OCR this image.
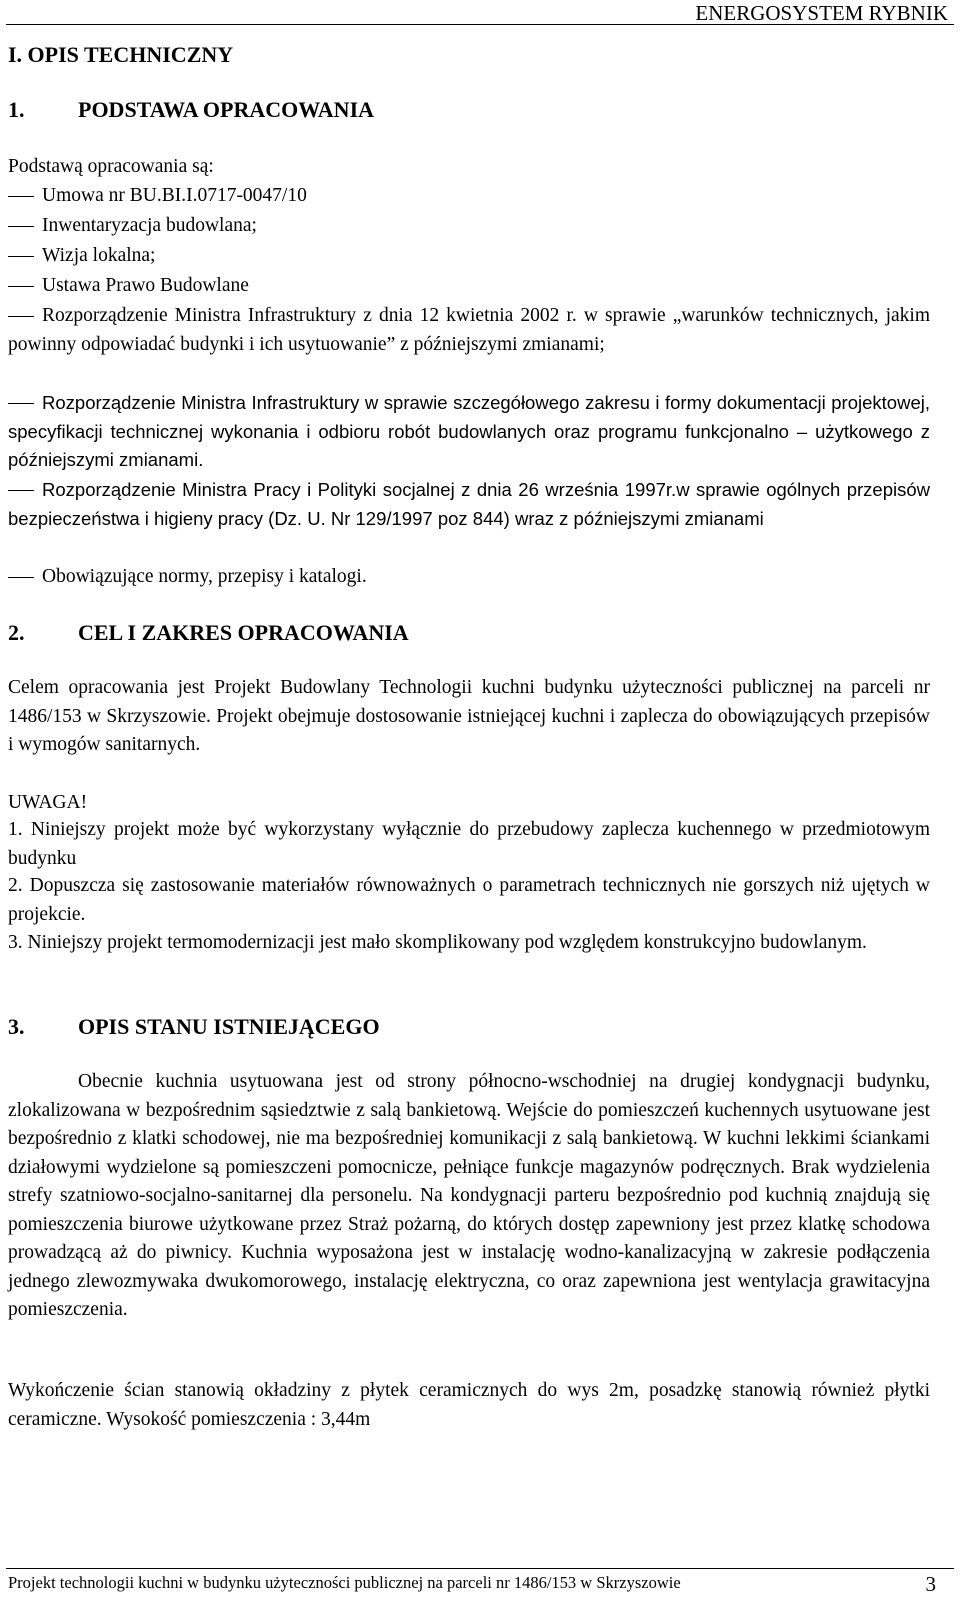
ENERGOSYSTEM RYBNIK
I. OPIS TECHNICZNY
1. PODSTAWA OPRACOWANIA
Podstawą opracowania są:
Umowa nr BU.BI.I.0717-0047/10
Inwentaryzacja budowlana;
Wizja lokalna;
Ustawa Prawo Budowlane
Rozporządzenie Ministra Infrastruktury z dnia 12 kwietnia 2002 r. w sprawie „warunków technicznych, jakim powinny odpowiadać budynki i ich usytuowanie” z późniejszymi zmianami;
Rozporządzenie Ministra Infrastruktury w sprawie szczegółowego zakresu i formy dokumentacji projektowej, specyfikacji technicznej wykonania i odbioru robót budowlanych oraz programu funkcjonalno – użytkowego z późniejszymi zmianami.
Rozporządzenie Ministra Pracy i Polityki socjalnej z dnia 26 września 1997r.w sprawie ogólnych przepisów bezpieczeństwa i higieny pracy (Dz. U. Nr 129/1997 poz 844) wraz z późniejszymi zmianami
Obowiązujące normy, przepisy i katalogi.
2. CEL I ZAKRES OPRACOWANIA

Celem opracowania jest Projekt Budowlany Technologii kuchni budynku użyteczności publicznej na parceli nr 1486/153 w Skrzyszowie. Projekt obejmuje dostosowanie istniejącej kuchni i zaplecza do obowiązujących przepisów i wymogów sanitarnych.

UWAGA!

1. Niniejszy projekt może być wykorzystany wyłącznie do przebudowy zaplecza kuchennego w przedmiotowym budynku

2. Dopuszcza się zastosowanie materiałów równoważnych o parametrach technicznych nie gorszych niż ujętych w projekcie.

3. Niniejszy projekt termomodernizacji jest mało skomplikowany pod względem konstrukcyjno budowlanym.

3. OPIS STANU ISTNIEJĄCEGO

Obecnie kuchnia usytuowana jest od strony północno-wschodniej na drugiej kondygnacji budynku, zlokalizowana w bezpośrednim sąsiedztwie z salą bankietową. Wejście do pomieszczeń kuchennych usytuowane jest bezpośrednio z klatki schodowej, nie ma bezpośredniej komunikacji z salą bankietową. W kuchni lekkimi ściankami działowymi wydzielone są pomieszczeni pomocnicze, pełniące funkcje magazynów podręcznych. Brak wydzielenia strefy szatniowo-socjalno-sanitarnej dla personelu. Na kondygnacji parteru bezpośrednio pod kuchnią znajdują się pomieszczenia biurowe użytkowane przez Straż pożarną, do których dostęp zapewniony jest przez klatkę schodowa prowadzącą aż do piwnicy. Kuchnia wyposażona jest w instalację wodno-kanalizacyjną w zakresie podłączenia jednego zlewozmywaka dwukomorowego, instalację elektryczna, co oraz zapewniona jest wentylacja grawitacyjna pomieszczenia.

Wykończenie ścian stanowią okładziny z płytek ceramicznych do wys 2m, posadzkę stanowią również płytki ceramiczne. Wysokość pomieszczenia : 3,44m

Projekt technologii kuchni w budynku użyteczności publicznej na parceli nr 1486/153 w Skrzyszowie	3
